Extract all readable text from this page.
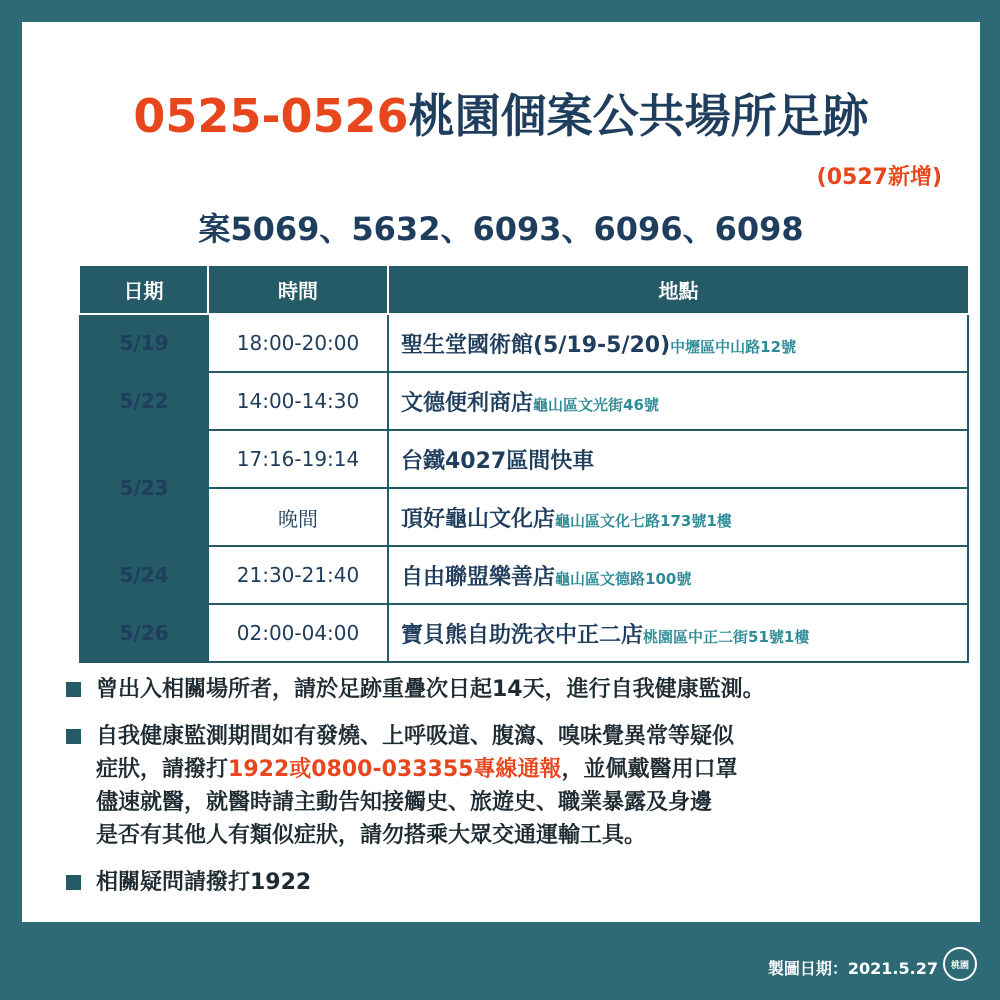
0525-0526桃園個案公共場所足跡
(0527新增)
案5069、5632、6093、6096、6098
日期	時間	地點
5/19	18:00-20:00	聖生堂國術館(5/19-5/20)中壢區中山路12號
5/22	14:00-14:30	文德便利商店龜山區文光街46號
5/23	17:16-19:14	台鐵4027區間快車
	晚間	頂好龜山文化店龜山區文化七路173號1樓
5/24	21:30-21:40	自由聯盟樂善店龜山區文德路100號
5/26	02:00-04:00	寶貝熊自助洗衣中正二店桃園區中正二街51號1樓
曾出入相關場所者，請於足跡重疊次日起14天，進行自我健康監測。
自我健康監測期間如有發燒、上呼吸道、腹瀉、嗅味覺異常等疑似
症狀，請撥打1922或0800-033355專線通報，並佩戴醫用口罩
儘速就醫，就醫時請主動告知接觸史、旅遊史、職業暴露及身邊
是否有其他人有類似症狀，請勿搭乘大眾交通運輸工具。
相關疑問請撥打1922
製圖日期：2021.5.27 桃園
